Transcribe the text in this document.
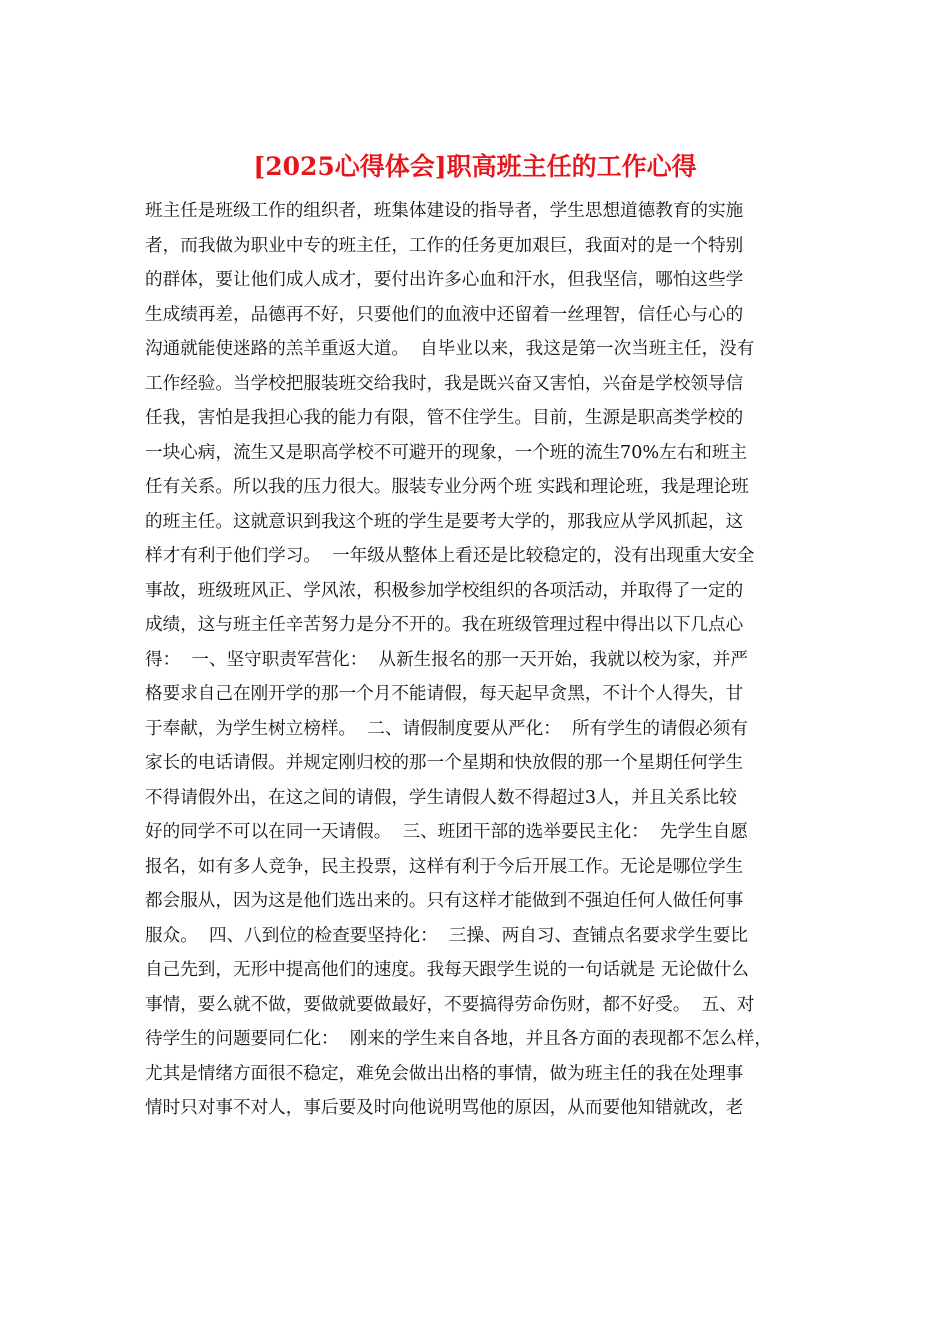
[2025心得体会]职高班主任的工作心得
班主任是班级工作的组织者，班集体建设的指导者，学生思想道德教育的实施
者，而我做为职业中专的班主任，工作的任务更加艰巨，我面对的是一个特别
的群体，要让他们成人成才，要付出许多心血和汗水，但我坚信，哪怕这些学
生成绩再差，品德再不好，只要他们的血液中还留着一丝理智，信任心与心的
沟通就能使迷路的羔羊重返大道。  自毕业以来，我这是第一次当班主任，没有
工作经验。当学校把服装班交给我时，我是既兴奋又害怕，兴奋是学校领导信
任我，害怕是我担心我的能力有限，管不住学生。目前，生源是职高类学校的
一块心病，流生又是职高学校不可避开的现象，一个班的流生70%左右和班主
任有关系。所以我的压力很大。服装专业分两个班 实践和理论班，我是理论班
的班主任。这就意识到我这个班的学生是要考大学的，那我应从学风抓起，这
样才有利于他们学习。  一年级从整体上看还是比较稳定的，没有出现重大安全
事故，班级班风正、学风浓，积极参加学校组织的各项活动，并取得了一定的
成绩，这与班主任辛苦努力是分不开的。我在班级管理过程中得出以下几点心
得：  一、坚守职责军营化：  从新生报名的那一天开始，我就以校为家，并严
格要求自己在刚开学的那一个月不能请假，每天起早贪黑，不计个人得失，甘
于奉献，为学生树立榜样。  二、请假制度要从严化：  所有学生的请假必须有
家长的电话请假。并规定刚归校的那一个星期和快放假的那一个星期任何学生
不得请假外出，在这之间的请假，学生请假人数不得超过3人，并且关系比较
好的同学不可以在同一天请假。  三、班团干部的选举要民主化：  先学生自愿
报名，如有多人竞争，民主投票，这样有利于今后开展工作。无论是哪位学生
都会服从，因为这是他们选出来的。只有这样才能做到不强迫任何人做任何事
服众。  四、八到位的检查要坚持化：  三操、两自习、查铺点名要求学生要比
自己先到，无形中提高他们的速度。我每天跟学生说的一句话就是 无论做什么
事情，要么就不做，要做就要做最好，不要搞得劳命伤财，都不好受。  五、对
待学生的问题要同仁化：  刚来的学生来自各地，并且各方面的表现都不怎么样，
尤其是情绪方面很不稳定，难免会做出出格的事情，做为班主任的我在处理事
情时只对事不对人，事后要及时向他说明骂他的原因，从而要他知错就改，老
